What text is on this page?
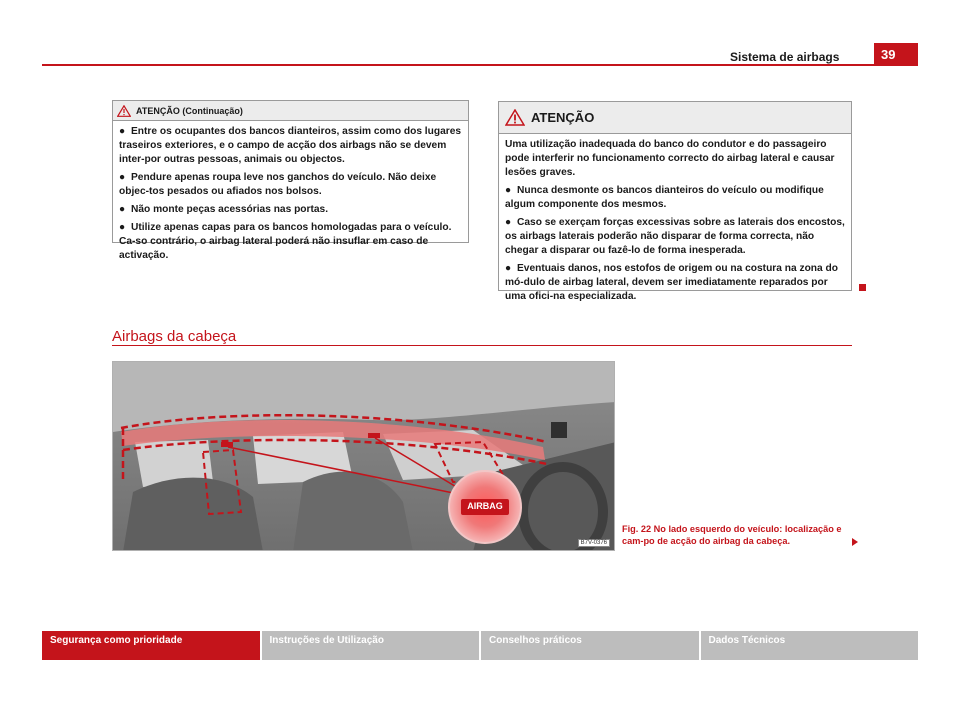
Sistema de airbags	39
ATENÇÃO (Continuação)

● Entre os ocupantes dos bancos dianteiros, assim como dos lugares traseiros exteriores, e o campo de acção dos airbags não se devem inter-por outras pessoas, animais ou objectos.

● Pendure apenas roupa leve nos ganchos do veículo. Não deixe objec-tos pesados ou afiados nos bolsos.

● Não monte peças acessórias nas portas.

● Utilize apenas capas para os bancos homologadas para o veículo. Ca-so contrário, o airbag lateral poderá não insuflar em caso de activação.

ATENÇÃO

Uma utilização inadequada do banco do condutor e do passageiro pode interferir no funcionamento correcto do airbag lateral e causar lesões graves.

● Nunca desmonte os bancos dianteiros do veículo ou modifique algum componente dos mesmos.

● Caso se exerçam forças excessivas sobre as laterais dos encostos, os airbags laterais poderão não disparar de forma correcta, não chegar a disparar ou fazê-lo de forma inesperada.

● Eventuais danos, nos estofos de origem ou na costura na zona do mó-dulo de airbag lateral, devem ser imediatamente reparados por uma ofici-na especializada.

Airbags da cabeça
AIRBAG
B7V-0376
Fig. 22 No lado esquerdo do veículo: localização e cam-po de acção do airbag da cabeça.
Segurança como prioridade	Instruções de Utilização	Conselhos práticos	Dados Técnicos
